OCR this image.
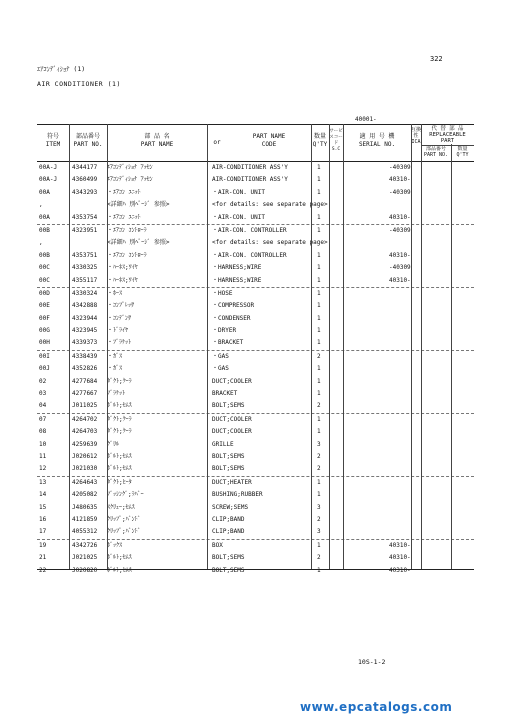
322
ｴｱｺﾝﾃﾞｨｼｮﾅ (1)
AIR CONDITIONER (1)
40001-
符号
ITEM
部品番号
PART NO.
部 品 名
PART NAME	or
PART NAME
CODE
数量
Q'TY
サービスコード
S.C
適 用 号 機
SERIAL NO.
互換性
ICA
代 替 部 品
REPLACEABLE
PART
部品番号
PART NO.
数量
Q'TY
00A-J 4344177 ｴｱｺﾝﾃﾞｨｼｮﾅ ｱｯｾﾝ	AIR-CONDITIONER ASS'Y	1	-40309
00A-J 4360499 ｴｱｺﾝﾃﾞｨｼｮﾅ ｱｯｾﾝ	AIR-CONDITIONER ASS'Y	1	40310-
00A	4343293 ・ｴｱｺﾝ ﾕﾆｯﾄ	・AIR-CON. UNIT	1	-40309
,	<詳細ﾊ 別ﾍﾟｰｼﾞ 参照>	<for details: see separate page>
00A	4353754 ・ｴｱｺﾝ ﾕﾆｯﾄ	・AIR-CON. UNIT	1	40310-
00B	4323951 ・ｴｱｺﾝ ｺﾝﾄﾛｰﾗ	・AIR-CON. CONTROLLER	1	-40309
,	<詳細ﾊ 別ﾍﾟｰｼﾞ 参照>	<for details: see separate page>
00B	4353751 ・ｴｱｺﾝ ｺﾝﾄﾛｰﾗ	・AIR-CON. CONTROLLER	1	40310-
00C	4330325 ・ﾊｰﾈｽ;ﾜｲﾔ	・HARNESS;WIRE	1	-40309
00C	4355117 ・ﾊｰﾈｽ;ﾜｲﾔ	・HARNESS;WIRE	1	40310-
00D	4330324 ・ﾎｰｽ	・HOSE	1
00E	4342888 ・ｺﾝﾌﾟﾚｯｻ	・COMPRESSOR	1
00F	4323944 ・ｺﾝﾃﾞﾝｻ	・CONDENSER	1
00G	4323945 ・ﾄﾞﾗｲﾔ	・DRYER	1
00H	4339373 ・ﾌﾞﾗｹｯﾄ	・BRACKET	1
00I	4338439 ・ｶﾞｽ	・GAS	2
00J	4352826 ・ｶﾞｽ	・GAS	1
02	4277684 ﾀﾞｸﾄ;ｸｰﾗ	DUCT;COOLER	1
03	4277667 ﾌﾞﾗｹｯﾄ	BRACKET	1
04	J011025 ﾎﾞﾙﾄ;ｾﾑｽ	BOLT;SEMS	2
07	4264702 ﾀﾞｸﾄ;ｸｰﾗ	DUCT;COOLER	1
08	4264703 ﾀﾞｸﾄ;ｸｰﾗ	DUCT;COOLER	1
10	4259639 ｸﾞﾘﾙ	GRILLE	3
11	J020612 ﾎﾞﾙﾄ;ｾﾑｽ	BOLT;SEMS	2
12	J021030 ﾎﾞﾙﾄ;ｾﾑｽ	BOLT;SEMS	2
13	4264643 ﾀﾞｸﾄ;ﾋｰﾀ	DUCT;HEATER	1
14	4205082 ﾌﾞｯｼﾝｸﾞ;ﾗﾊﾞｰ	BUSHING;RUBBER	1
15	J480635 ｽｸﾘｭｰ;ｾﾑｽ	SCREW;SEMS	3
16	4121859 ｸﾘｯﾌﾟ;ﾊﾞﾝﾄﾞ	CLIP;BAND	2
17	4055312 ｸﾘｯﾌﾟ;ﾊﾞﾝﾄﾞ	CLIP;BAND	3
19	4342726 ﾎﾞｯｸｽ	BOX	1	40310-
21	J021025 ﾎﾞﾙﾄ;ｾﾑｽ	BOLT;SEMS	2	40310-
22	J020820 ﾎﾞﾙﾄ;ｾﾑｽ	BOLT;SEMS	1	40310-
10S-1-2
www.epcatalogs.com
